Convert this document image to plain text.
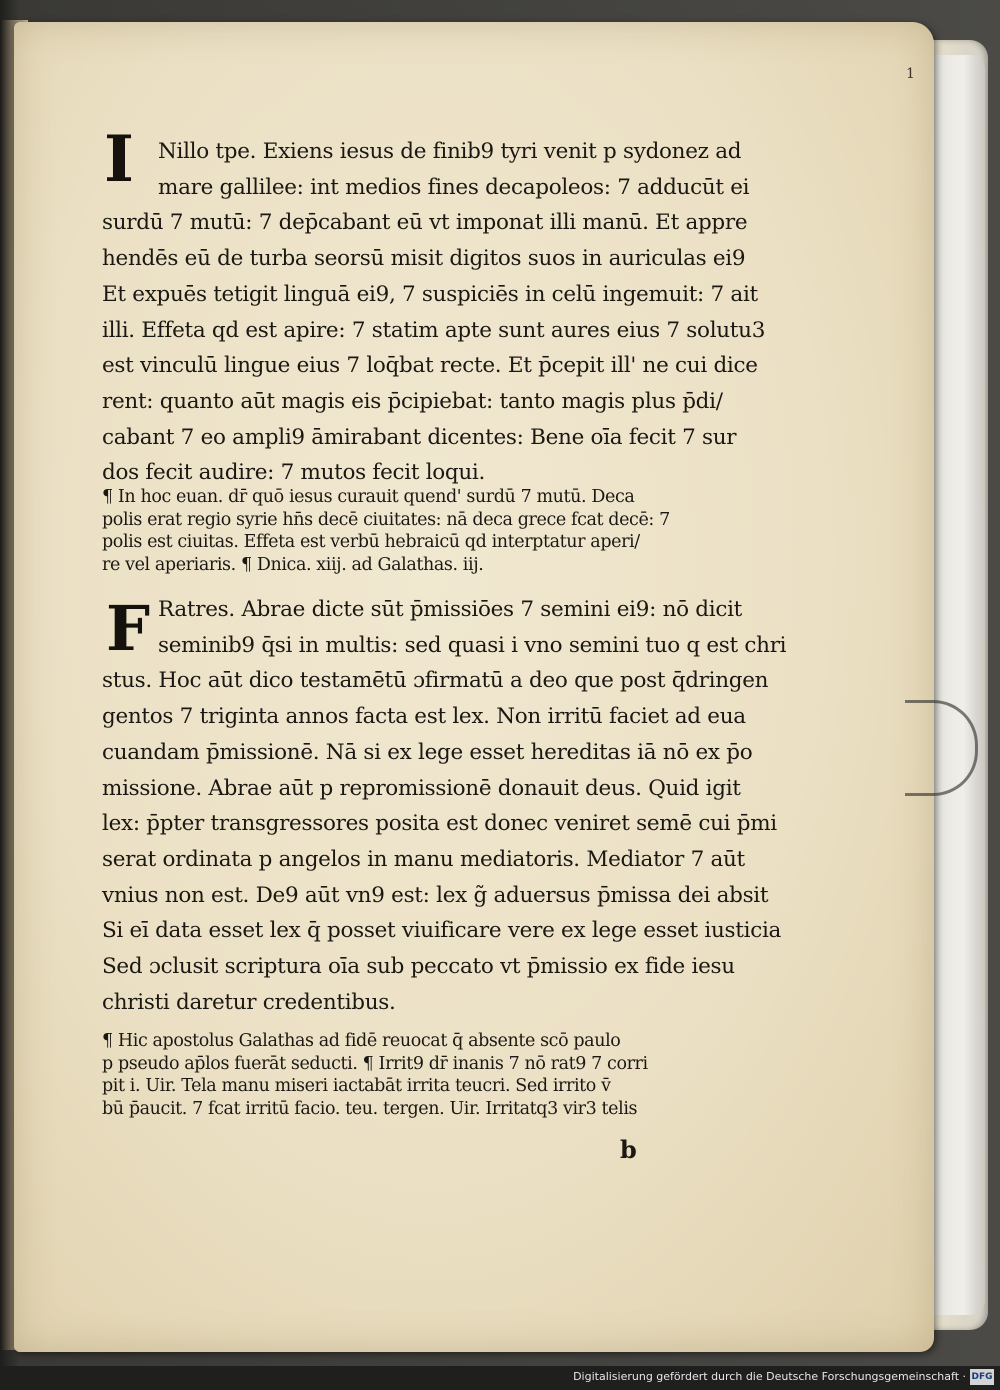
1
I	Nillo tpe. Exiens iesus de finib9 tyri venit p sydonez ad
mare gallilee: int medios fines decapoleos: 7 adducūt ei
surdū 7 mutū: 7 dep̄cabant eū vt imponat illi manū. Et appre
hendēs eū de turba seorsū misit digitos suos in auriculas ei9
Et expuēs tetigit linguā ei9, 7 suspiciēs in celū ingemuit: 7 ait
illi. Effeta qd est apire: 7 statim apte sunt aures eius 7 solutu3
est vinculū lingue eius 7 loq̄bat recte. Et p̄cepit ill' ne cui dice
rent: quanto aūt magis eis p̄cipiebat: tanto magis plus p̄di/
cabant 7 eo ampli9 āmirabant dicentes: Bene oīa fecit 7 sur
dos fecit audire: 7 mutos fecit loqui.
¶ In hoc euan. dr̄ quō iesus curauit quend' surdū 7 mutū. Deca
polis erat regio syrie hn̄s decē ciuitates: nā deca grece fcat decē: 7
polis est ciuitas. Effeta est verbū hebraicū qd interptatur aperi/
re vel aperiaris. ¶ Dnica. xiij. ad Galathas. iij.
F Ratres. Abrae dicte sūt p̄missiōes 7 semini ei9: nō dicit
seminib9 q̄si in multis: sed quasi i vno semini tuo q est chri
stus. Hoc aūt dico testamētū ɔfirmatū a deo que post q̄dringen
gentos 7 triginta annos facta est lex. Non irritū faciet ad eua
cuandam p̄missionē. Nā si ex lege esset hereditas iā nō ex p̄o
missione. Abrae aūt p repromissionē donauit deus. Quid igit
lex: p̄pter transgressores posita est donec veniret semē cui p̄mi
serat ordinata p angelos in manu mediatoris. Mediator 7 aūt
vnius non est. De9 aūt vn9 est: lex g̃ aduersus p̄missa dei absit
Si eī data esset lex q̄ posset viuificare vere ex lege esset iusticia
Sed ɔclusit scriptura oīa sub peccato vt p̄missio ex fide iesu
christi daretur credentibus.
¶ Hic apostolus Galathas ad fidē reuocat q̄ absente scō paulo
p pseudo ap̄los fuerāt seducti. ¶ Irrit9 dr̄ inanis 7 nō rat9 7 corri
pit i. Uir. Tela manu miseri iactabāt irrita teucri. Sed irrito v̄
bū p̄aucit. 7 fcat irritū facio. teu. tergen. Uir. Irritatq3 vir3 telis
b
Digitalisierung gefördert durch die Deutsche Forschungsgemeinschaft · DFG
